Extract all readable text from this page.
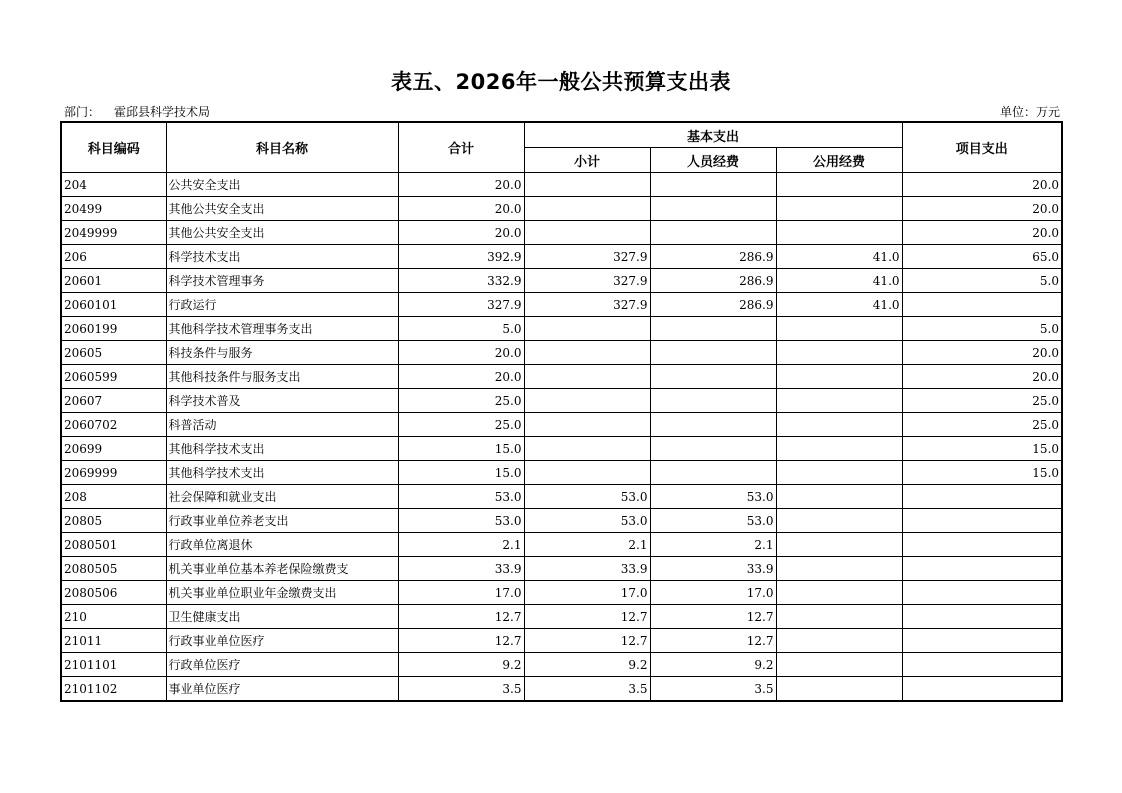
表五、2026年一般公共预算支出表
部门： 霍邱县科学技术局	单位：万元
科目编码	科目名称	合计	基本支出			项目支出
			小计	人员经费	公用经费	
204	公共安全支出	20.0				20.0
20499	其他公共安全支出	20.0				20.0
2049999	其他公共安全支出	20.0				20.0
206	科学技术支出	392.9	327.9	286.9	41.0	65.0
20601	科学技术管理事务	332.9	327.9	286.9	41.0	5.0
2060101	行政运行	327.9	327.9	286.9	41.0	
2060199	其他科学技术管理事务支出	5.0				5.0
20605	科技条件与服务	20.0				20.0
2060599	其他科技条件与服务支出	20.0				20.0
20607	科学技术普及	25.0				25.0
2060702	科普活动	25.0				25.0
20699	其他科学技术支出	15.0				15.0
2069999	其他科学技术支出	15.0				15.0
208	社会保障和就业支出	53.0	53.0	53.0		
20805	行政事业单位养老支出	53.0	53.0	53.0		
2080501	行政单位离退休	2.1	2.1	2.1		
2080505	机关事业单位基本养老保险缴费支	33.9	33.9	33.9		
2080506	机关事业单位职业年金缴费支出	17.0	17.0	17.0		
210	卫生健康支出	12.7	12.7	12.7		
21011	行政事业单位医疗	12.7	12.7	12.7		
2101101	行政单位医疗	9.2	9.2	9.2		
2101102	事业单位医疗	3.5	3.5	3.5		
